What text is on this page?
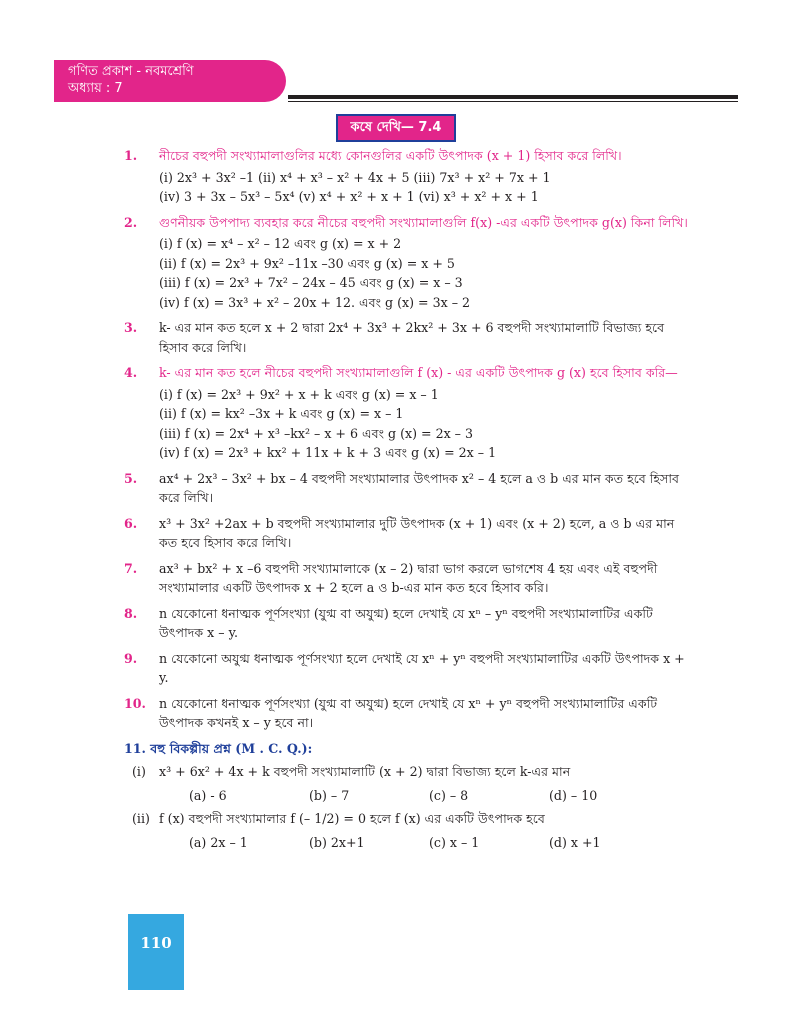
গণিত প্রকাশ - নবমশ্রেণি
অধ্যায় : 7
কষে দেখি— 7.4
1.	নীচের বহুপদী সংখ্যামালাগুলির মধ্যে কোনগুলির একটি উৎপাদক (x + 1) হিসাব করে লিখি।
(i) 2x³ + 3x² –1 (ii) x⁴ + x³ – x² + 4x + 5 (iii) 7x³ + x² + 7x + 1
(iv) 3 + 3x – 5x³ – 5x⁴ (v) x⁴ + x² + x + 1 (vi) x³ + x² + x + 1
2.	গুণনীয়ক উপপাদ্য ব্যবহার করে নীচের বহুপদী সংখ্যামালাগুলি f(x) -এর একটি উৎপাদক g(x) কিনা লিখি।
(i) f (x) = x⁴ – x² – 12 এবং g (x) = x + 2
(ii) f (x) = 2x³ + 9x² –11x –30 এবং g (x) = x + 5
(iii) f (x) = 2x³ + 7x² – 24x – 45 এবং g (x) = x – 3
(iv) f (x) = 3x³ + x² – 20x + 12. এবং g (x) = 3x – 2
3.	k- এর মান কত হলে x + 2 দ্বারা 2x⁴ + 3x³ + 2kx² + 3x + 6 বহুপদী সংখ্যামালাটি বিভাজ্য হবে হিসাব করে লিখি।
4.	k- এর মান কত হলে নীচের বহুপদী সংখ্যামালাগুলি f (x) - এর একটি উৎপাদক g (x) হবে হিসাব করি—
(i) f (x) = 2x³ + 9x² + x + k এবং g (x) = x – 1
(ii) f (x) = kx² –3x + k এবং g (x) = x – 1
(iii) f (x) = 2x⁴ + x³ –kx² – x + 6 এবং g (x) = 2x – 3
(iv) f (x) = 2x³ + kx² + 11x + k + 3 এবং g (x) = 2x – 1
5.	ax⁴ + 2x³ – 3x² + bx – 4 বহুপদী সংখ্যামালার উৎপাদক x² – 4 হলে a ও b এর মান কত হবে হিসাব করে লিখি।
6.	x³ + 3x² +2ax + b বহুপদী সংখ্যামালার দুটি উৎপাদক (x + 1) এবং (x + 2) হলে, a ও b এর মান কত হবে হিসাব করে লিখি।
7.	ax³ + bx² + x –6 বহুপদী সংখ্যামালাকে (x – 2) দ্বারা ভাগ করলে ভাগশেষ 4 হয় এবং এই বহুপদী সংখ্যামালার একটি উৎপাদক x + 2 হলে a ও b-এর মান কত হবে হিসাব করি।
8.	n যেকোনো ধনাত্মক পূর্ণসংখ্যা (যুগ্ম বা অযুগ্ম) হলে দেখাই যে xⁿ – yⁿ বহুপদী সংখ্যামালাটির একটি উৎপাদক x – y.
9.	n যেকোনো অযুগ্ম ধনাত্মক পূর্ণসংখ্যা হলে দেখাই যে xⁿ + yⁿ বহুপদী সংখ্যামালাটির একটি উৎপাদক x + y.
10.	n যেকোনো ধনাত্মক পূর্ণসংখ্যা (যুগ্ম বা অযুগ্ম) হলে দেখাই যে xⁿ + yⁿ বহুপদী সংখ্যামালাটির একটি উৎপাদক কখনই x – y হবে না।
11. বহু বিকল্পীয় প্রশ্ন (M . C. Q.):
(i) x³ + 6x² + 4x + k বহুপদী সংখ্যামালাটি (x + 2) দ্বারা বিভাজ্য হলে k-এর মান
(a) - 6	(b) – 7	(c) – 8	(d) – 10
(ii) f (x) বহুপদী সংখ্যামালার f (– 1/2) = 0 হলে f (x) এর একটি উৎপাদক হবে
(a) 2x – 1	(b) 2x+1	(c) x – 1	(d) x +1
110
